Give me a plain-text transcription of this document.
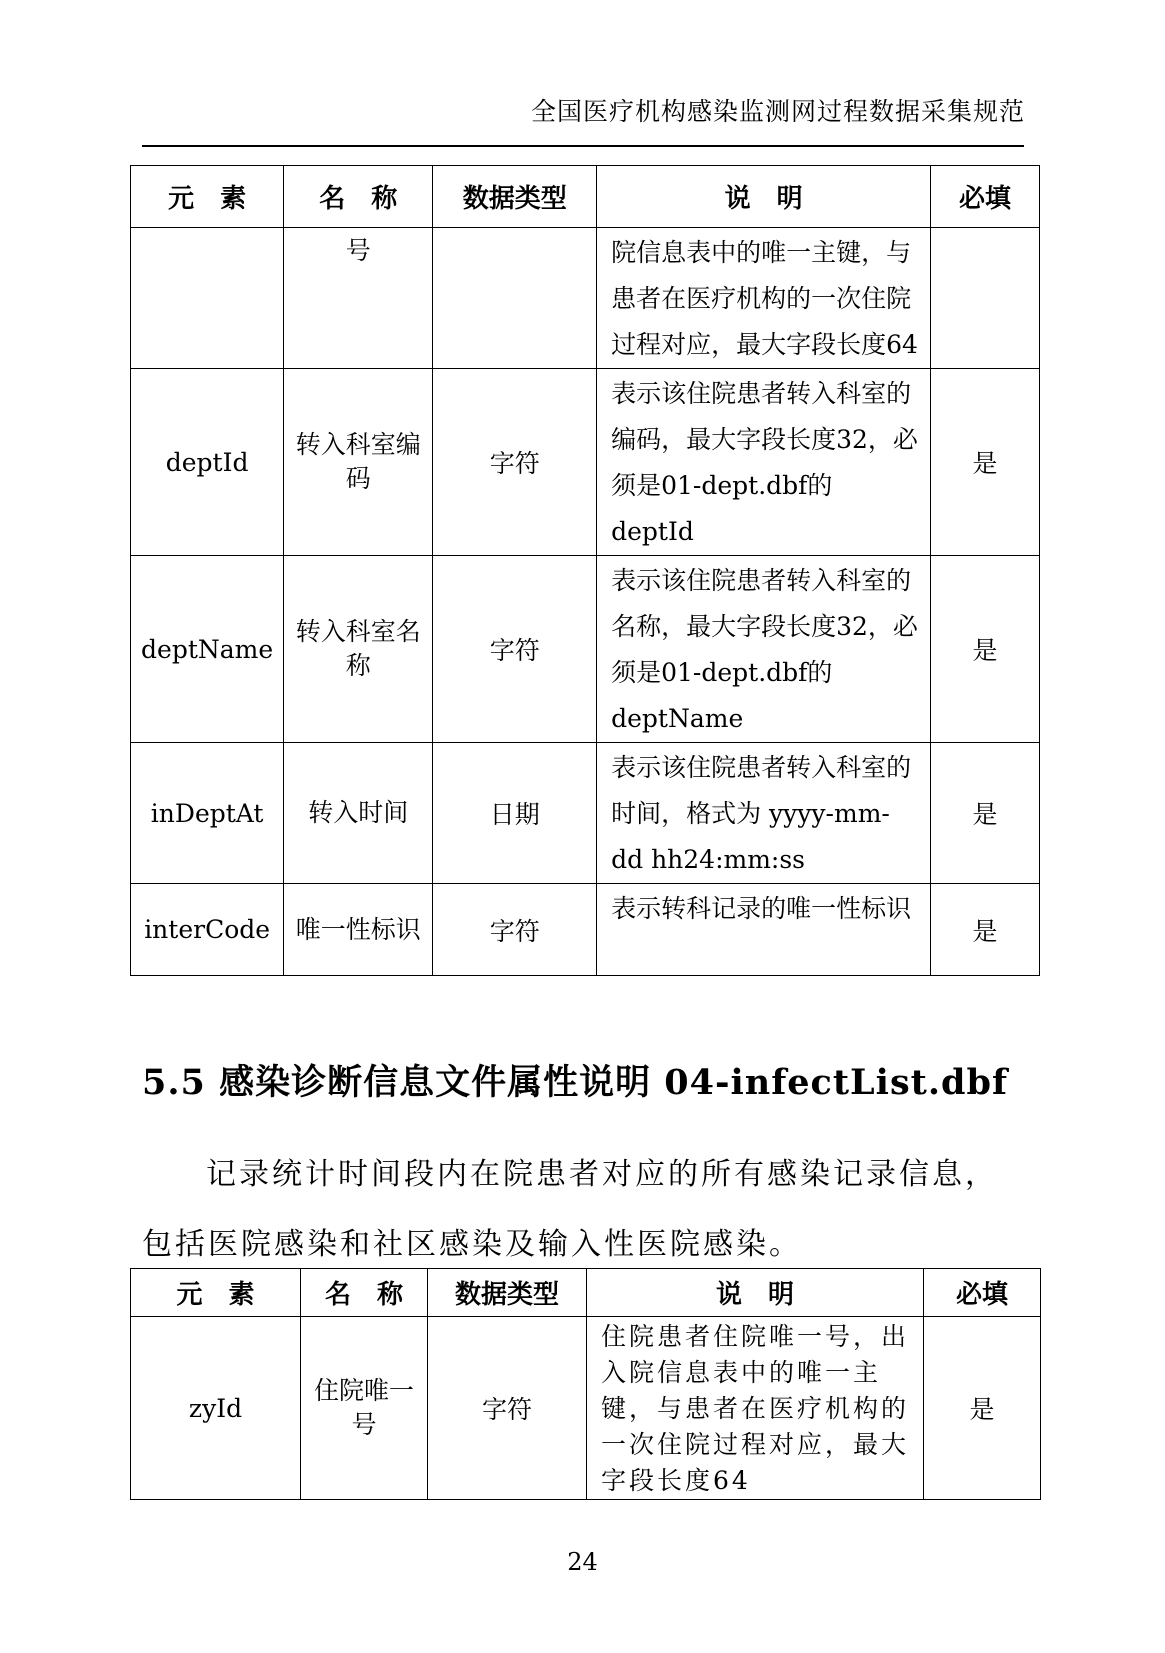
全国医疗机构感染监测网过程数据采集规范
元　素	名　称	数据类型	说　明	必填
	号		院信息表中的唯一主键，与患者在医疗机构的一次住院过程对应，最大字段长度64	
deptId	转入科室编码	字符	表示该住院患者转入科室的编码，最大字段长度32，必须是01-dept.dbf的 deptId	是
deptName	转入科室名称	字符	表示该住院患者转入科室的名称，最大字段长度32，必须是01-dept.dbf的 deptName	是
inDeptAt	转入时间	日期	表示该住院患者转入科室的时间，格式为 yyyy-mm-dd hh24:mm:ss	是
interCode	唯一性标识	字符	表示转科记录的唯一性标识	是
5.5 感染诊断信息文件属性说明 04-infectList.dbf
记录统计时间段内在院患者对应的所有感染记录信息，包括医院感染和社区感染及输入性医院感染。
元　素	名　称	数据类型	说　明	必填
zyId	住院唯一号	字符	住院患者住院唯一号，出入院信息表中的唯一主键，与患者在医疗机构的一次住院过程对应，最大字段长度64	是
24
